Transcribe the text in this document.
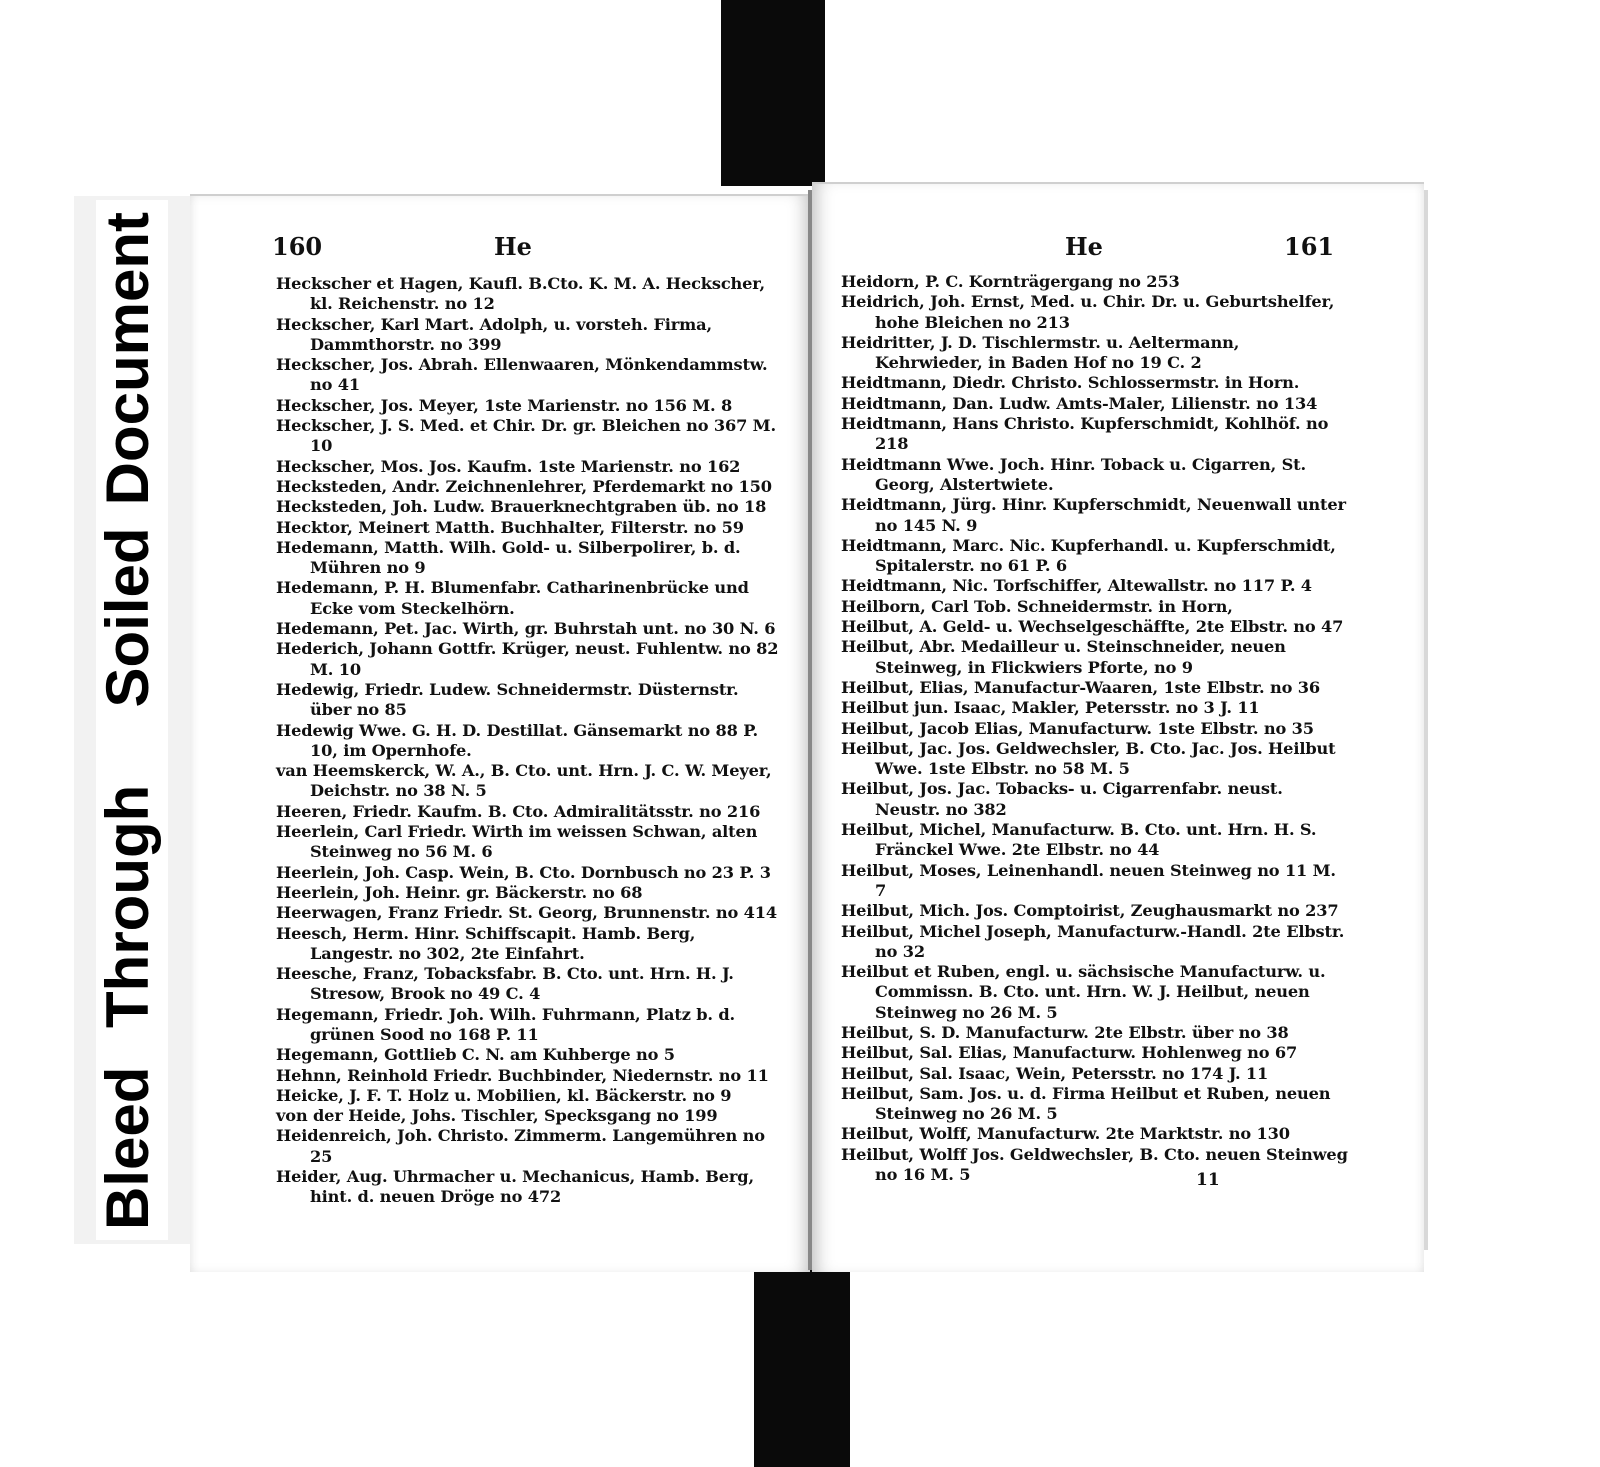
Bleed
Through
Soiled
Document	160	He

Heckscher et Hagen, Kaufl. B.Cto. K. M. A. Heckscher, kl. Reichenstr. no 12

Heckscher, Karl Mart. Adolph, u. vorsteh. Firma, Dammthorstr. no 399

Heckscher, Jos. Abrah. Ellenwaaren, Mönkendammstw. no 41

Heckscher, Jos. Meyer, 1ste Marienstr. no 156 M. 8

Heckscher, J. S. Med. et Chir. Dr. gr. Bleichen no 367 M. 10

Heckscher, Mos. Jos. Kaufm. 1ste Marienstr. no 162

Hecksteden, Andr. Zeichnenlehrer, Pferdemarkt no 150

Hecksteden, Joh. Ludw. Brauerknechtgraben üb. no 18

Hecktor, Meinert Matth. Buchhalter, Filterstr. no 59

Hedemann, Matth. Wilh. Gold- u. Silberpolirer, b. d. Mühren no 9

Hedemann, P. H. Blumenfabr. Catharinenbrücke und Ecke vom Steckelhörn.

Hedemann, Pet. Jac. Wirth, gr. Buhrstah unt. no 30 N. 6

Hederich, Johann Gottfr. Krüger, neust. Fuhlentw. no 82 M. 10

Hedewig, Friedr. Ludew. Schneidermstr. Düsternstr. über no 85

Hedewig Wwe. G. H. D. Destillat. Gänsemarkt no 88 P. 10, im Opernhofe.

van Heemskerck, W. A., B. Cto. unt. Hrn. J. C. W. Meyer, Deichstr. no 38 N. 5

Heeren, Friedr. Kaufm. B. Cto. Admiralitätsstr. no 216

Heerlein, Carl Friedr. Wirth im weissen Schwan, alten Steinweg no 56 M. 6

Heerlein, Joh. Casp. Wein, B. Cto. Dornbusch no 23 P. 3

Heerlein, Joh. Heinr. gr. Bäckerstr. no 68

Heerwagen, Franz Friedr. St. Georg, Brunnenstr. no 414

Heesch, Herm. Hinr. Schiffscapit. Hamb. Berg, Langestr. no 302, 2te Einfahrt.

Heesche, Franz, Tobacksfabr. B. Cto. unt. Hrn. H. J. Stresow, Brook no 49 C. 4

Hegemann, Friedr. Joh. Wilh. Fuhrmann, Platz b. d. grünen Sood no 168 P. 11

Hegemann, Gottlieb C. N. am Kuhberge no 5

Hehnn, Reinhold Friedr. Buchbinder, Niedernstr. no 11

Heicke, J. F. T. Holz u. Mobilien, kl. Bäckerstr. no 9

von der Heide, Johs. Tischler, Specksgang no 199

Heidenreich, Joh. Christo. Zimmerm. Langemühren no 25

Heider, Aug. Uhrmacher u. Mechanicus, Hamb. Berg, hint. d. neuen Dröge no 472

He	161

Heidorn, P. C. Kornträgergang no 253

Heidrich, Joh. Ernst, Med. u. Chir. Dr. u. Geburtshelfer, hohe Bleichen no 213

Heidritter, J. D. Tischlermstr. u. Aeltermann, Kehrwieder, in Baden Hof no 19 C. 2

Heidtmann, Diedr. Christo. Schlossermstr. in Horn.

Heidtmann, Dan. Ludw. Amts-Maler, Lilienstr. no 134

Heidtmann, Hans Christo. Kupferschmidt, Kohlhöf. no 218

Heidtmann Wwe. Joch. Hinr. Toback u. Cigarren, St. Georg, Alstertwiete.

Heidtmann, Jürg. Hinr. Kupferschmidt, Neuenwall unter no 145 N. 9

Heidtmann, Marc. Nic. Kupferhandl. u. Kupferschmidt, Spitalerstr. no 61 P. 6

Heidtmann, Nic. Torfschiffer, Altewallstr. no 117 P. 4

Heilborn, Carl Tob. Schneidermstr. in Horn,

Heilbut, A. Geld- u. Wechselgeschäffte, 2te Elbstr. no 47

Heilbut, Abr. Medailleur u. Steinschneider, neuen Steinweg, in Flickwiers Pforte, no 9

Heilbut, Elias, Manufactur-Waaren, 1ste Elbstr. no 36

Heilbut jun. Isaac, Makler, Petersstr. no 3 J. 11

Heilbut, Jacob Elias, Manufacturw. 1ste Elbstr. no 35

Heilbut, Jac. Jos. Geldwechsler, B. Cto. Jac. Jos. Heilbut Wwe. 1ste Elbstr. no 58 M. 5

Heilbut, Jos. Jac. Tobacks- u. Cigarrenfabr. neust. Neustr. no 382

Heilbut, Michel, Manufacturw. B. Cto. unt. Hrn. H. S. Fränckel Wwe. 2te Elbstr. no 44

Heilbut, Moses, Leinenhandl. neuen Steinweg no 11 M. 7

Heilbut, Mich. Jos. Comptoirist, Zeughausmarkt no 237

Heilbut, Michel Joseph, Manufacturw.-Handl. 2te Elbstr. no 32

Heilbut et Ruben, engl. u. sächsische Manufacturw. u. Commissn. B. Cto. unt. Hrn. W. J. Heilbut, neuen Steinweg no 26 M. 5

Heilbut, S. D. Manufacturw. 2te Elbstr. über no 38

Heilbut, Sal. Elias, Manufacturw. Hohlenweg no 67

Heilbut, Sal. Isaac, Wein, Petersstr. no 174 J. 11

Heilbut, Sam. Jos. u. d. Firma Heilbut et Ruben, neuen Steinweg no 26 M. 5

Heilbut, Wolff, Manufacturw. 2te Marktstr. no 130

Heilbut, Wolff Jos. Geldwechsler, B. Cto. neuen Steinweg no 16 M. 5	11
